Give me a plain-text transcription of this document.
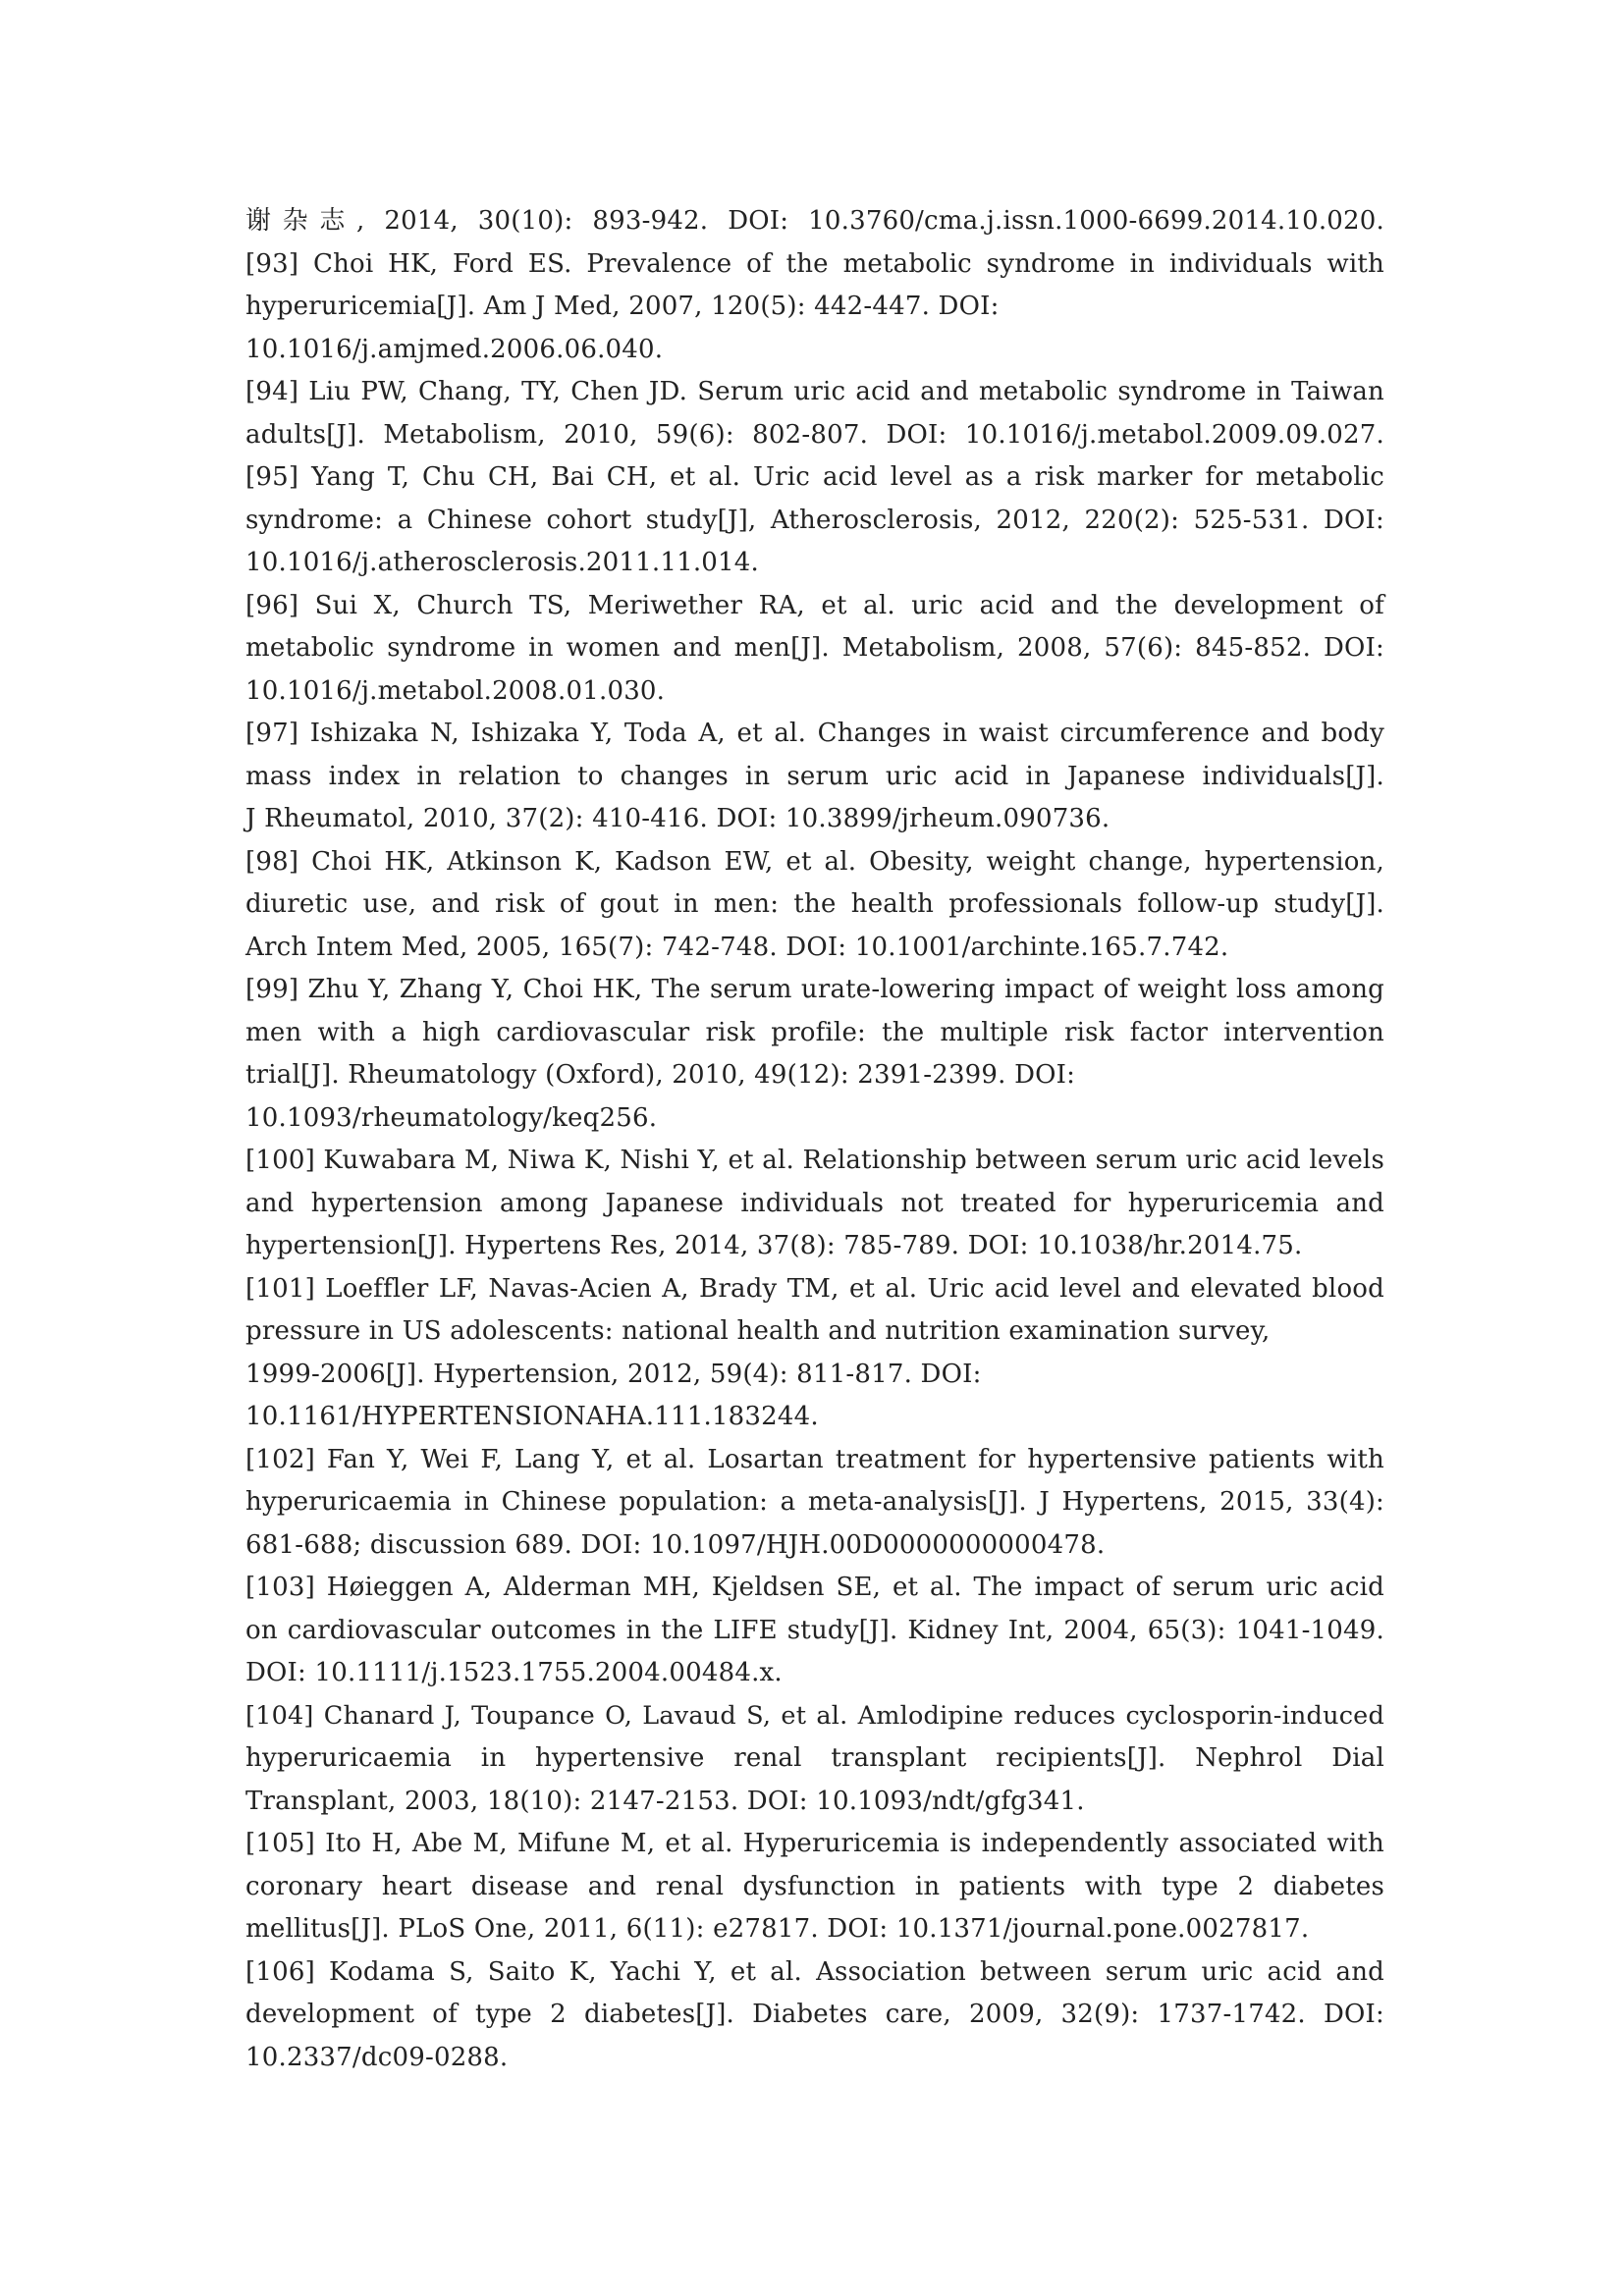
谢杂志, 2014, 30(10): 893-942. DOI: 10.3760/cma.j.issn.1000-6699.2014.10.020.
[93] Choi HK, Ford ES. Prevalence of the metabolic syndrome in individuals with
hyperuricemia[J]. Am J Med, 2007, 120(5): 442-447. DOI:
10.1016/j.amjmed.2006.06.040.
[94] Liu PW, Chang, TY, Chen JD. Serum uric acid and metabolic syndrome in Taiwan
adults[J]. Metabolism, 2010, 59(6): 802-807. DOI: 10.1016/j.metabol.2009.09.027.
[95] Yang T, Chu CH, Bai CH, et al. Uric acid level as a risk marker for metabolic
syndrome: a Chinese cohort study[J], Atherosclerosis, 2012, 220(2): 525-531. DOI:
10.1016/j.atherosclerosis.2011.11.014.
[96] Sui X, Church TS, Meriwether RA, et al. uric acid and the development of
metabolic syndrome in women and men[J]. Metabolism, 2008, 57(6): 845-852. DOI:
10.1016/j.metabol.2008.01.030.
[97] Ishizaka N, Ishizaka Y, Toda A, et al. Changes in waist circumference and body
mass index in relation to changes in serum uric acid in Japanese individuals[J].
J Rheumatol, 2010, 37(2): 410-416. DOI: 10.3899/jrheum.090736.
[98] Choi HK, Atkinson K, Kadson EW, et al. Obesity, weight change, hypertension,
diuretic use, and risk of gout in men: the health professionals follow-up study[J].
Arch Intem Med, 2005, 165(7): 742-748. DOI: 10.1001/archinte.165.7.742.
[99] Zhu Y, Zhang Y, Choi HK, The serum urate-lowering impact of weight loss among
men with a high cardiovascular risk profile: the multiple risk factor intervention
trial[J]. Rheumatology (Oxford), 2010, 49(12): 2391-2399. DOI:
10.1093/rheumatology/keq256.
[100] Kuwabara M, Niwa K, Nishi Y, et al. Relationship between serum uric acid levels
and hypertension among Japanese individuals not treated for hyperuricemia and
hypertension[J]. Hypertens Res, 2014, 37(8): 785-789. DOI: 10.1038/hr.2014.75.
[101] Loeffler LF, Navas-Acien A, Brady TM, et al. Uric acid level and elevated blood
pressure in US adolescents: national health and nutrition examination survey,
1999-2006[J]. Hypertension, 2012, 59(4): 811-817. DOI:
10.1161/HYPERTENSIONAHA.111.183244.
[102] Fan Y, Wei F, Lang Y, et al. Losartan treatment for hypertensive patients with
hyperuricaemia in Chinese population: a meta-analysis[J]. J Hypertens, 2015, 33(4):
681-688; discussion 689. DOI: 10.1097/HJH.00D0000000000478.
[103] Høieggen A, Alderman MH, Kjeldsen SE, et al. The impact of serum uric acid
on cardiovascular outcomes in the LIFE study[J]. Kidney Int, 2004, 65(3): 1041-1049.
DOI: 10.1111/j.1523.1755.2004.00484.x.
[104] Chanard J, Toupance O, Lavaud S, et al. Amlodipine reduces cyclosporin-induced
hyperuricaemia in hypertensive renal transplant recipients[J]. Nephrol Dial
Transplant, 2003, 18(10): 2147-2153. DOI: 10.1093/ndt/gfg341.
[105] Ito H, Abe M, Mifune M, et al. Hyperuricemia is independently associated with
coronary heart disease and renal dysfunction in patients with type 2 diabetes
mellitus[J]. PLoS One, 2011, 6(11): e27817. DOI: 10.1371/journal.pone.0027817.
[106] Kodama S, Saito K, Yachi Y, et al. Association between serum uric acid and
development of type 2 diabetes[J]. Diabetes care, 2009, 32(9): 1737-1742. DOI:
10.2337/dc09-0288.
